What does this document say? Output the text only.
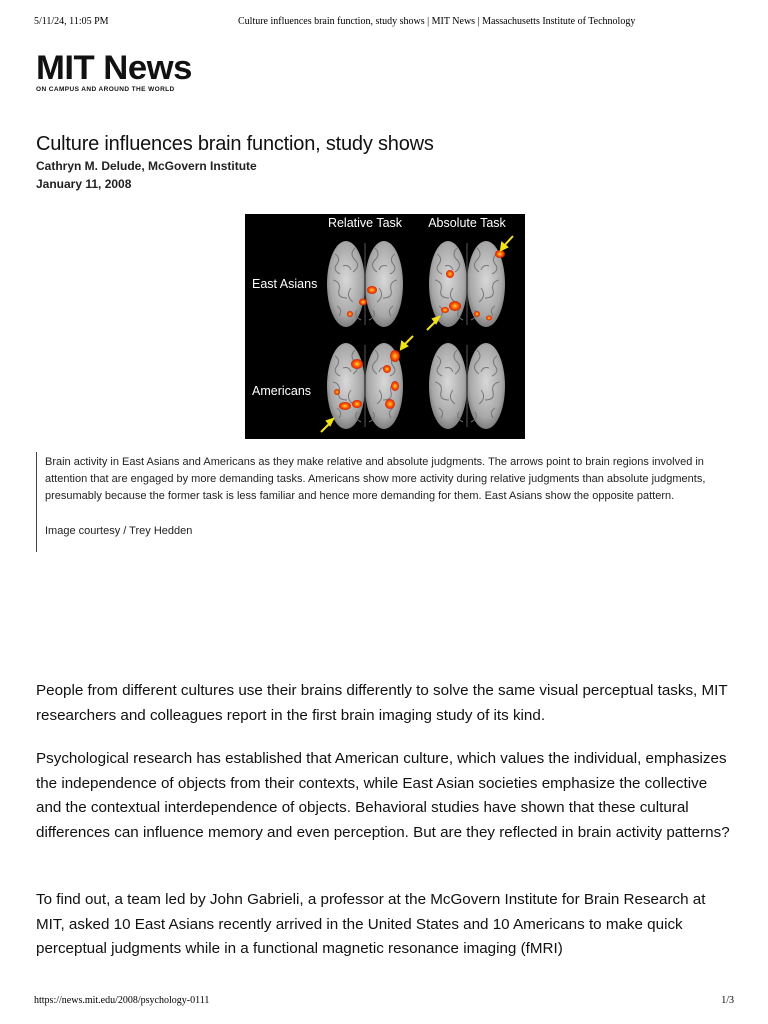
5/11/24, 11:05 PM	Culture influences brain function, study shows | MIT News | Massachusetts Institute of Technology
MIT News
ON CAMPUS AND AROUND THE WORLD
Culture influences brain function, study shows
Cathryn M. Delude, McGovern Institute
January 11, 2008
Relative Task Absolute Task
East Asians
Americans

Brain activity in East Asians and Americans as they make relative and absolute judgments. The arrows point to brain regions involved in attention that are engaged by more demanding tasks. Americans show more activity during relative judgments than absolute judgments, presumably because the former task is less familiar and hence more demanding for them. East Asians show the opposite pattern.

Image courtesy / Trey Hedden

People from different cultures use their brains differently to solve the same visual perceptual tasks, MIT researchers and colleagues report in the first brain imaging study of its kind.

Psychological research has established that American culture, which values the individual, emphasizes the independence of objects from their contexts, while East Asian societies emphasize the collective and the contextual interdependence of objects. Behavioral studies have shown that these cultural differences can influence memory and even perception. But are they reflected in brain activity patterns?

To find out, a team led by John Gabrieli, a professor at the McGovern Institute for Brain Research at MIT, asked 10 East Asians recently arrived in the United States and 10 Americans to make quick perceptual judgments while in a functional magnetic resonance imaging (fMRI)

https://news.mit.edu/2008/psychology-0111	1/3
